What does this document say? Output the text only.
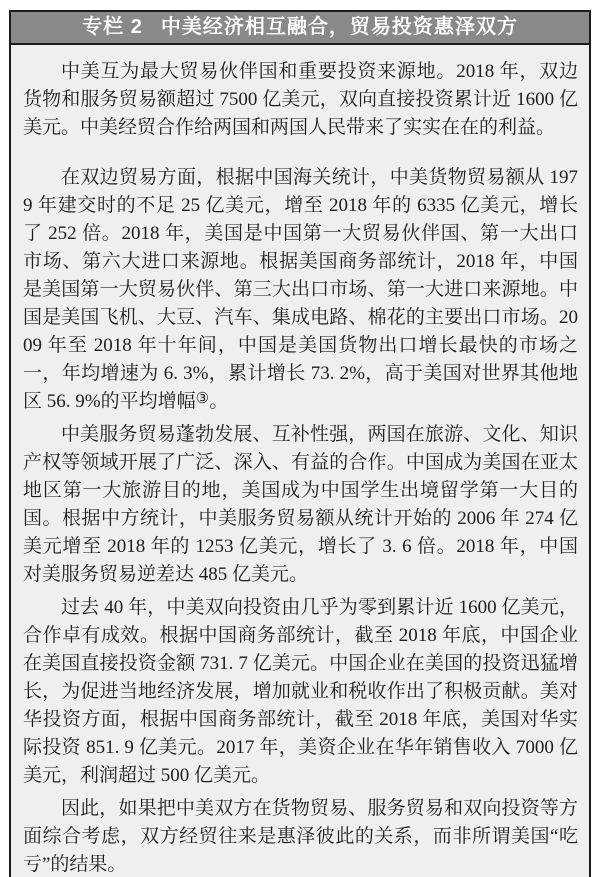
专栏 2 中美经济相互融合，贸易投资惠泽双方

中美互为最大贸易伙伴国和重要投资来源地。2018 年，双边货物和服务贸易额超过 7500 亿美元，双向直接投资累计近 1600 亿美元。中美经贸合作给两国和两国人民带来了实实在在的利益。

在双边贸易方面，根据中国海关统计，中美货物贸易额从 1979 年建交时的不足 25 亿美元，增至 2018 年的 6335 亿美元，增长了 252 倍。2018 年，美国是中国第一大贸易伙伴国、第一大出口市场、第六大进口来源地。根据美国商务部统计，2018 年，中国是美国第一大贸易伙伴、第三大出口市场、第一大进口来源地。中国是美国飞机、大豆、汽车、集成电路、棉花的主要出口市场。2009 年至 2018 年十年间，中国是美国货物出口增长最快的市场之一，年均增速为 6. 3%，累计增长 73. 2%，高于美国对世界其他地区 56. 9%的平均增幅③。

中美服务贸易蓬勃发展、互补性强，两国在旅游、文化、知识产权等领域开展了广泛、深入、有益的合作。中国成为美国在亚太地区第一大旅游目的地，美国成为中国学生出境留学第一大目的国。根据中方统计，中美服务贸易额从统计开始的 2006 年 274 亿美元增至 2018 年的 1253 亿美元，增长了 3. 6 倍。2018 年，中国对美服务贸易逆差达 485 亿美元。

过去 40 年，中美双向投资由几乎为零到累计近 1600 亿美元，合作卓有成效。根据中国商务部统计，截至 2018 年底，中国企业在美国直接投资金额 731. 7 亿美元。中国企业在美国的投资迅猛增长，为促进当地经济发展，增加就业和税收作出了积极贡献。美对华投资方面，根据中国商务部统计，截至 2018 年底，美国对华实际投资 851. 9 亿美元。2017 年，美资企业在华年销售收入 7000 亿美元，利润超过 500 亿美元。

因此，如果把中美双方在货物贸易、服务贸易和双向投资等方面综合考虑，双方经贸往来是惠泽彼此的关系，而非所谓美国“吃亏”的结果。
